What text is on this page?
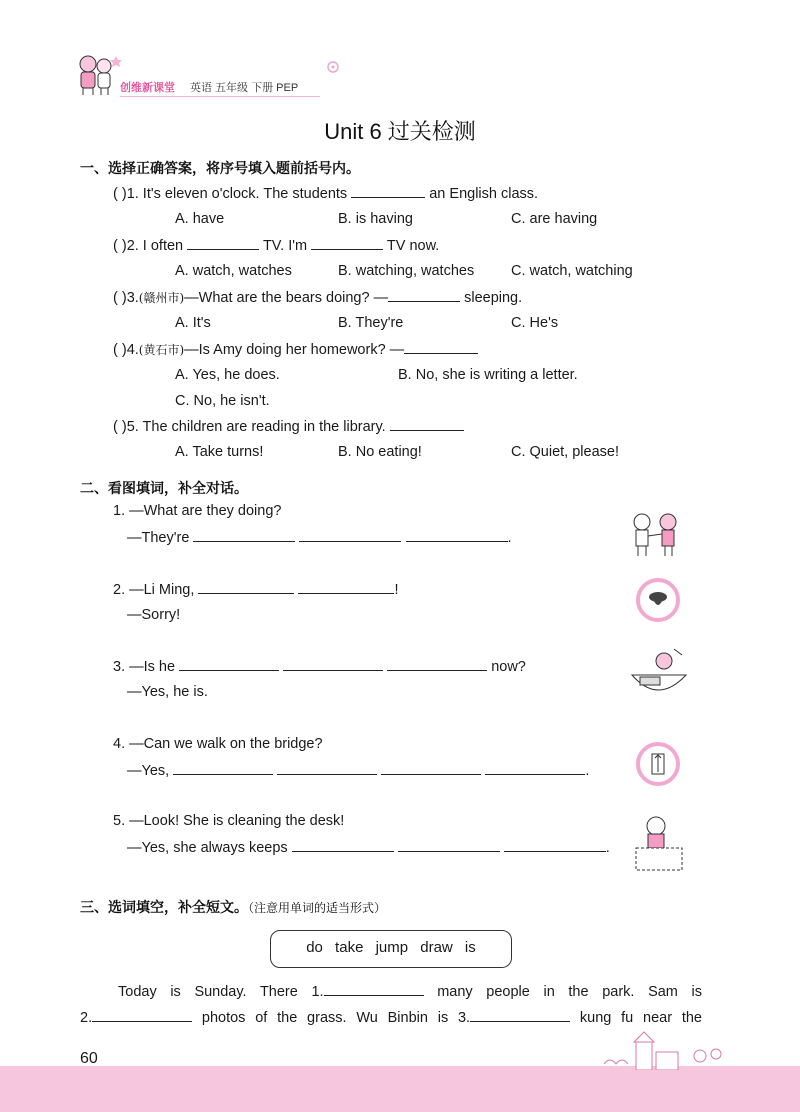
创维新课堂 英语 五年级 下册 PEP
Unit 6 过关检测
一、选择正确答案，将序号填入题前括号内。
( )1. It's eleven o'clock. The students	an English class.
A. have	B. is having	C. are having
( )2. I often	TV. I'm	TV now.
A. watch, watches	B. watching, watches	C. watch, watching
( )3.(赣州市)—What are the bears doing? —	sleeping.
A. It's	B. They're	C. He's
( )4.(黄石市)—Is Amy doing her homework? —
A. Yes, he does.	B. No, she is writing a letter.
C. No, he isn't.
( )5. The children are reading in the library.
A. Take turns!	B. No eating!	C. Quiet, please!
二、看图填词，补全对话。
1. —What are they doing?
—They're	.
2. —Li Ming,	!
—Sorry!
3. —Is he	now?
—Yes, he is.
4. —Can we walk on the bridge?
—Yes,	.
5. —Look! She is cleaning the desk!
—Yes, she always keeps	.
三、选词填空，补全短文。（注意用单词的适当形式）
do take jump draw is
Today is Sunday. There 1.	many people in the park. Sam is
2.	photos of the grass. Wu Binbin is 3.	kung fu near the
60
